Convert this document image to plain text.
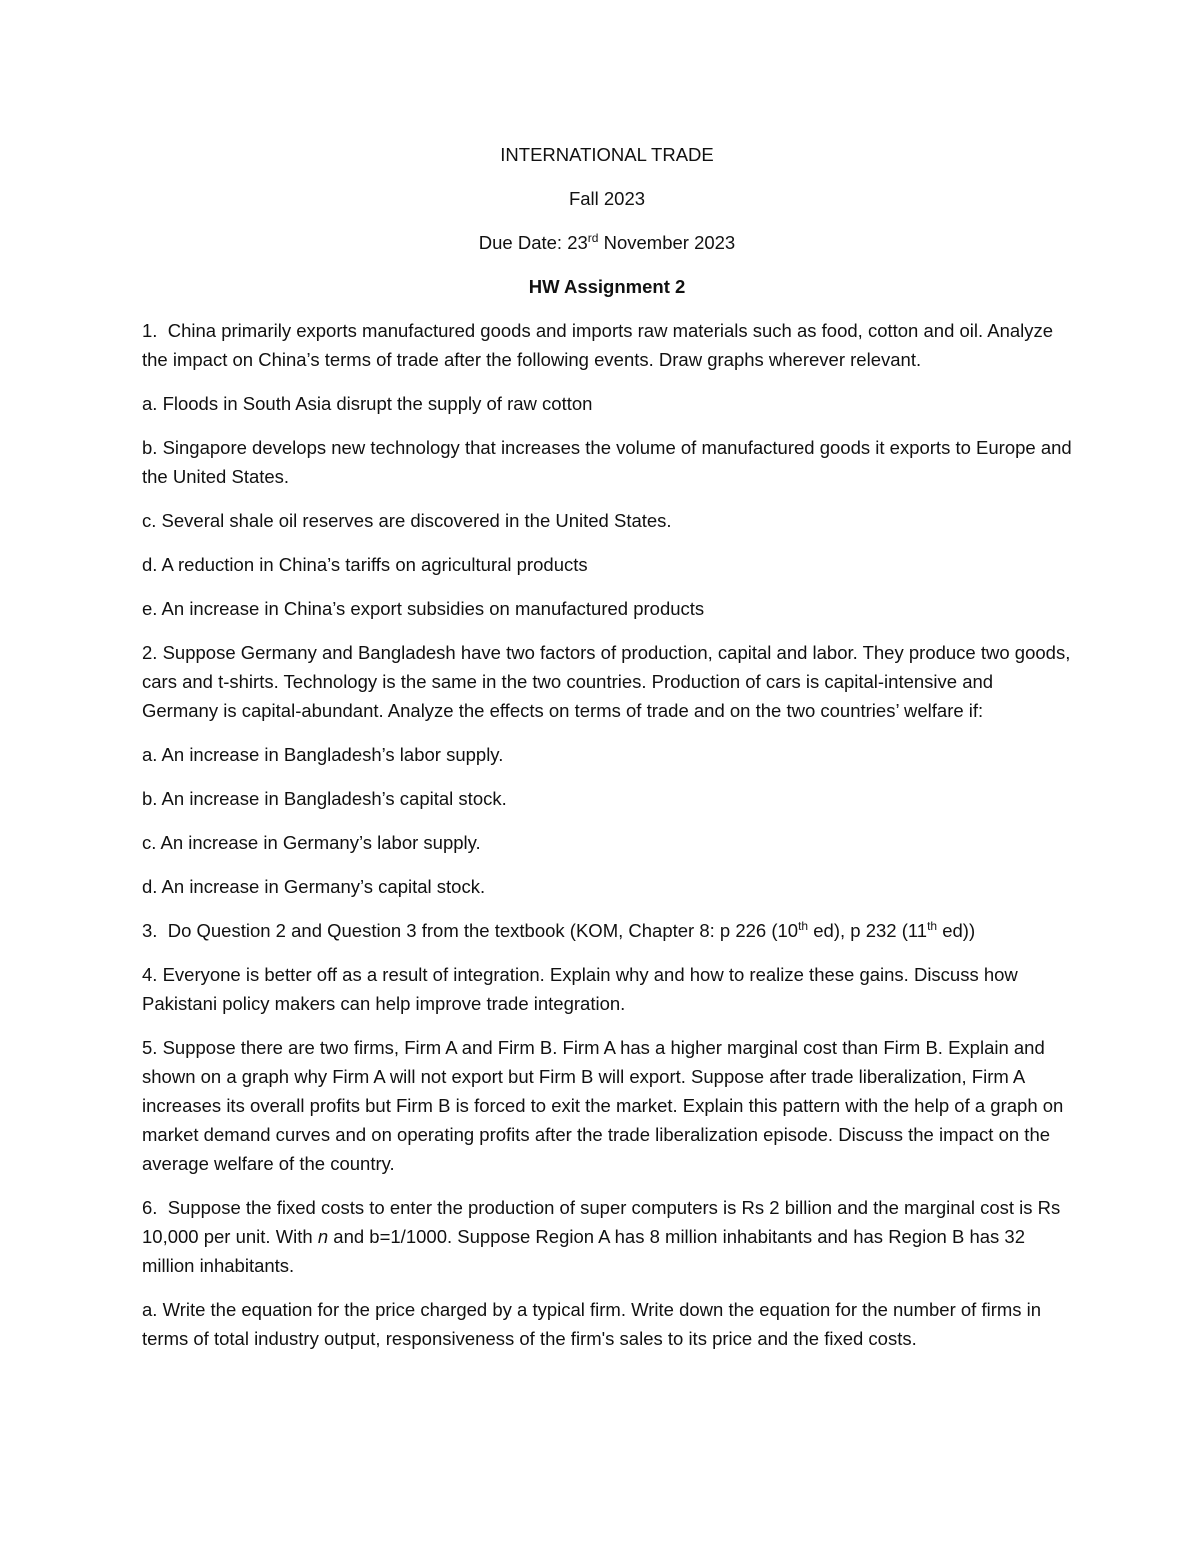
INTERNATIONAL TRADE

Fall 2023

Due Date: 23rd November 2023

HW Assignment 2

1.  China primarily exports manufactured goods and imports raw materials such as food, cotton and oil. Analyze the impact on China’s terms of trade after the following events. Draw graphs wherever relevant.

a. Floods in South Asia disrupt the supply of raw cotton

b. Singapore develops new technology that increases the volume of manufactured goods it exports to Europe and the United States.

c. Several shale oil reserves are discovered in the United States.

d. A reduction in China’s tariffs on agricultural products

e. An increase in China’s export subsidies on manufactured products

2. Suppose Germany and Bangladesh have two factors of production, capital and labor. They produce two goods, cars and t-shirts. Technology is the same in the two countries. Production of cars is capital-intensive and Germany is capital-abundant. Analyze the effects on terms of trade and on the two countries’ welfare if:

a. An increase in Bangladesh’s labor supply.

b. An increase in Bangladesh’s capital stock.

c. An increase in Germany’s labor supply.

d. An increase in Germany’s capital stock.

3.  Do Question 2 and Question 3 from the textbook (KOM, Chapter 8: p 226 (10th ed), p 232 (11th ed))

4. Everyone is better off as a result of integration. Explain why and how to realize these gains. Discuss how Pakistani policy makers can help improve trade integration.

5. Suppose there are two firms, Firm A and Firm B. Firm A has a higher marginal cost than Firm B. Explain and shown on a graph why Firm A will not export but Firm B will export. Suppose after trade liberalization, Firm A increases its overall profits but Firm B is forced to exit the market. Explain this pattern with the help of a graph on market demand curves and on operating profits after the trade liberalization episode. Discuss the impact on the average welfare of the country.

6.  Suppose the fixed costs to enter the production of super computers is Rs 2 billion and the marginal cost is Rs 10,000 per unit. With n and b=1/1000. Suppose Region A has 8 million inhabitants and has Region B has 32 million inhabitants.

a. Write the equation for the price charged by a typical firm. Write down the equation for the number of firms in terms of total industry output, responsiveness of the firm's sales to its price and the fixed costs.
